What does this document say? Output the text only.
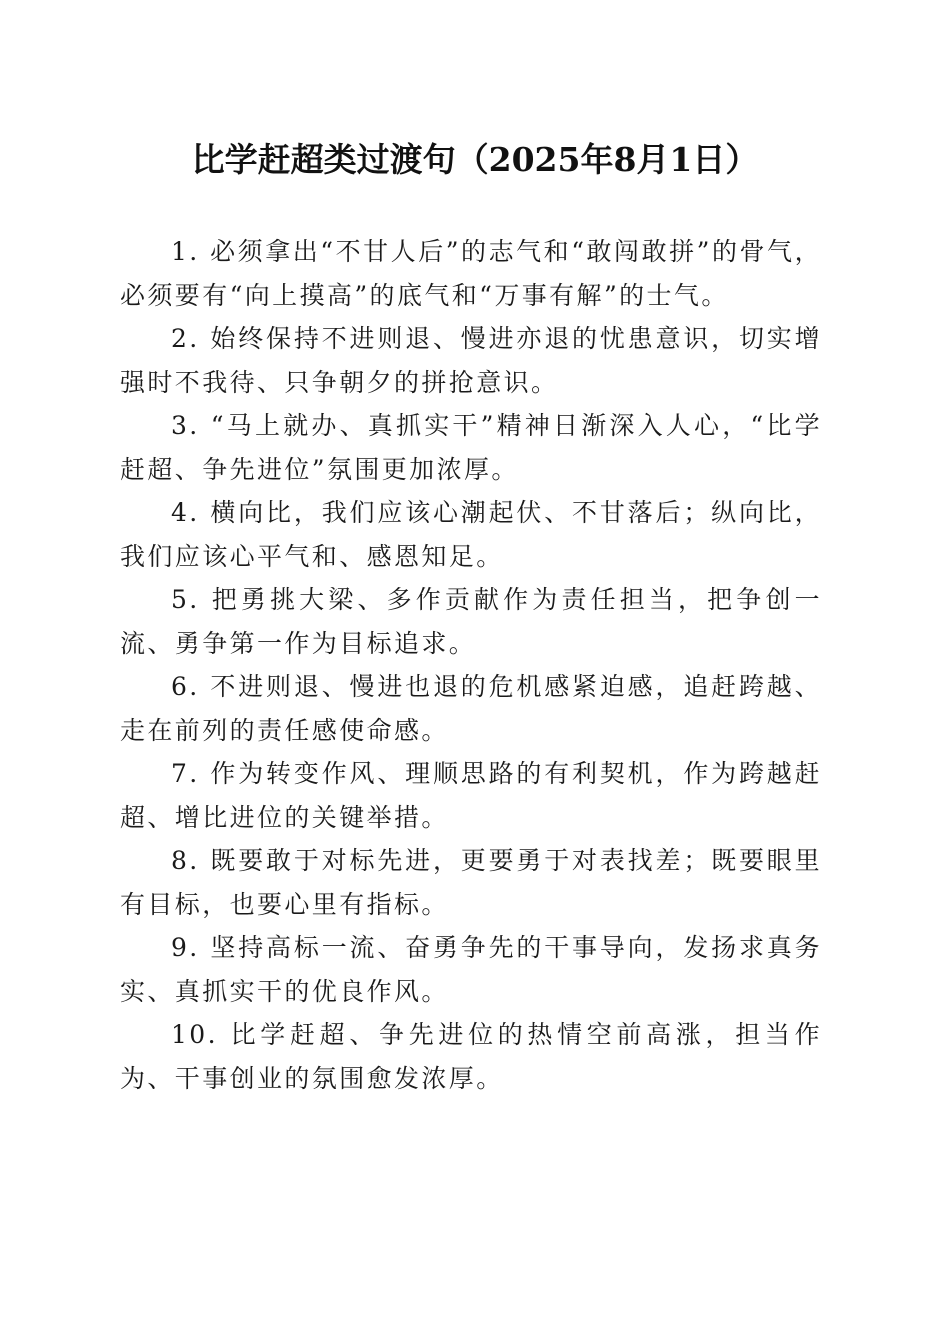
比学赶超类过渡句（2025年8月1日）

1. 必须拿出“不甘人后”的志气和“敢闯敢拼”的骨气，必须要有“向上摸高”的底气和“万事有解”的士气。

2. 始终保持不进则退、慢进亦退的忧患意识，切实增强时不我待、只争朝夕的拼抢意识。

3. “马上就办、真抓实干”精神日渐深入人心，“比学赶超、争先进位”氛围更加浓厚。

4. 横向比，我们应该心潮起伏、不甘落后；纵向比，我们应该心平气和、感恩知足。

5. 把勇挑大梁、多作贡献作为责任担当，把争创一流、勇争第一作为目标追求。

6. 不进则退、慢进也退的危机感紧迫感，追赶跨越、走在前列的责任感使命感。

7. 作为转变作风、理顺思路的有利契机，作为跨越赶超、增比进位的关键举措。

8. 既要敢于对标先进，更要勇于对表找差；既要眼里有目标，也要心里有指标。

9. 坚持高标一流、奋勇争先的干事导向，发扬求真务实、真抓实干的优良作风。

10. 比学赶超、争先进位的热情空前高涨，担当作为、干事创业的氛围愈发浓厚。
